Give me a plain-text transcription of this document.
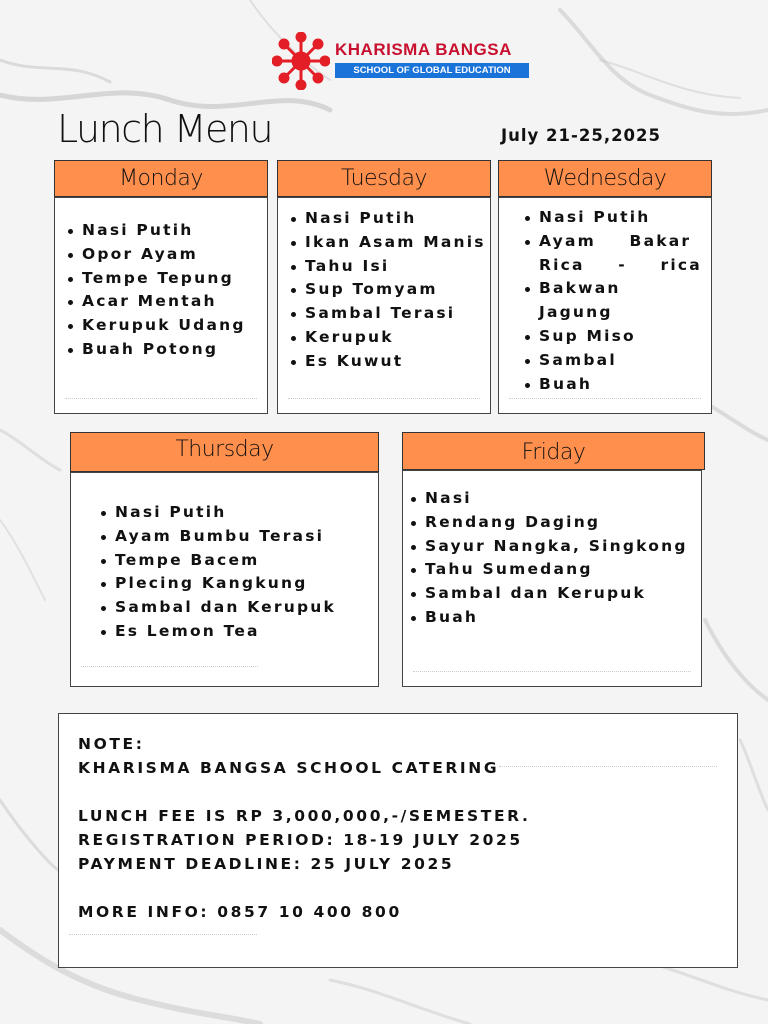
KHARISMA BANGSA
SCHOOL OF GLOBAL EDUCATION
Lunch Menu	July 21-25,2025
Monday
Nasi Putih
Opor Ayam
Tempe Tepung
Acar Mentah
Kerupuk Udang
Buah Potong
Tuesday
Nasi Putih
Ikan Asam Manis
Tahu Isi
Sup Tomyam
Sambal Terasi
Kerupuk
Es Kuwut
Wednesday
Nasi Putih
Ayam Bakar Rica - rica
Bakwan Jagung
Sup Miso
Sambal
Buah
Thursday
Nasi Putih
Ayam Bumbu Terasi
Tempe Bacem
Plecing Kangkung
Sambal dan Kerupuk
Es Lemon Tea
Friday
Nasi
Rendang Daging
Sayur Nangka, Singkong
Tahu Sumedang
Sambal dan Kerupuk
Buah

NOTE:

KHARISMA BANGSA SCHOOL CATERING

LUNCH FEE IS RP 3,000,000,-/SEMESTER.

REGISTRATION PERIOD: 18-19 JULY 2025

PAYMENT DEADLINE: 25 JULY 2025

MORE INFO: 0857 10 400 800
